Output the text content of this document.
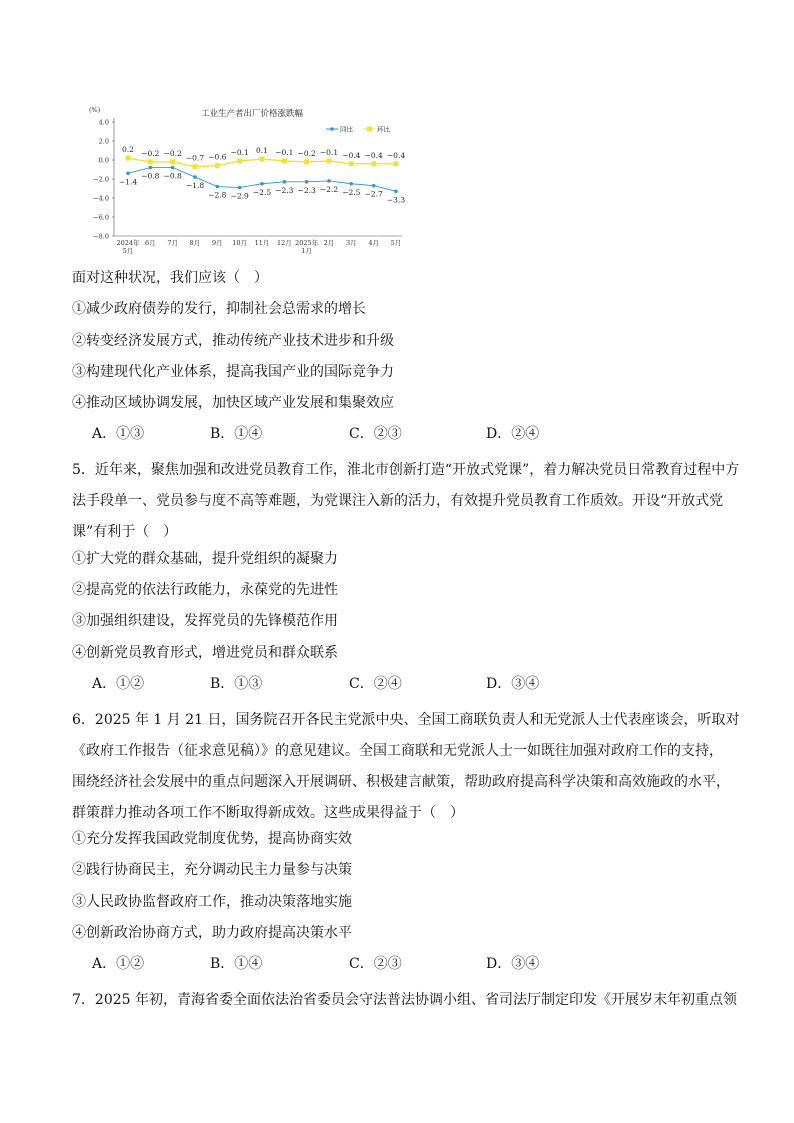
工业生产者出厂价格涨跌幅
(%)
同比	环比
4.0
2.0
0.0
−2.0
−4.0
−6.0
−8.0
2024年
5月
6月 7月 8月 9月 10月 11月 12月 2025年
1月
2月 3月 4月 5月
−1.4
−0.8 −0.8
−1.8
−2.8 −2.9 −2.5 −2.3 −2.3 −2.2 −2.5 −2.7
−3.3
0.2 −0.2 −0.2
−0.7 −0.6
−0.1 0.1 −0.1 −0.2 −0.1 −0.4 −0.4 −0.4
面对这种状况，我们应该（　）
①减少政府债券的发行，抑制社会总需求的增长
②转变经济发展方式，推动传统产业技术进步和升级
③构建现代化产业体系，提高我国产业的国际竞争力
④推动区域协调发展，加快区域产业发展和集聚效应
A．①③	B．①④	C．②③	D．②④
5．近年来，聚焦加强和改进党员教育工作，淮北市创新打造“开放式党课”，着力解决党员日常教育过程中方
法手段单一、党员参与度不高等难题，为党课注入新的活力，有效提升党员教育工作质效。开设“开放式党
课”有利于（　）
①扩大党的群众基础，提升党组织的凝聚力
②提高党的依法行政能力，永葆党的先进性
③加强组织建设，发挥党员的先锋模范作用
④创新党员教育形式，增进党员和群众联系
A．①②	B．①③	C．②④	D．③④
6．2025 年 1 月 21 日，国务院召开各民主党派中央、全国工商联负责人和无党派人士代表座谈会，听取对
《政府工作报告（征求意见稿）》的意见建议。全国工商联和无党派人士一如既往加强对政府工作的支持，
围绕经济社会发展中的重点问题深入开展调研、积极建言献策，帮助政府提高科学决策和高效施政的水平，
群策群力推动各项工作不断取得新成效。这些成果得益于（　）
①充分发挥我国政党制度优势，提高协商实效
②践行协商民主，充分调动民主力量参与决策
③人民政协监督政府工作，推动决策落地实施
④创新政治协商方式，助力政府提高决策水平
A．①②	B．①④	C．②③	D．③④
7．2025 年初，青海省委全面依法治省委员会守法普法协调小组、省司法厅制定印发《开展岁末年初重点领
